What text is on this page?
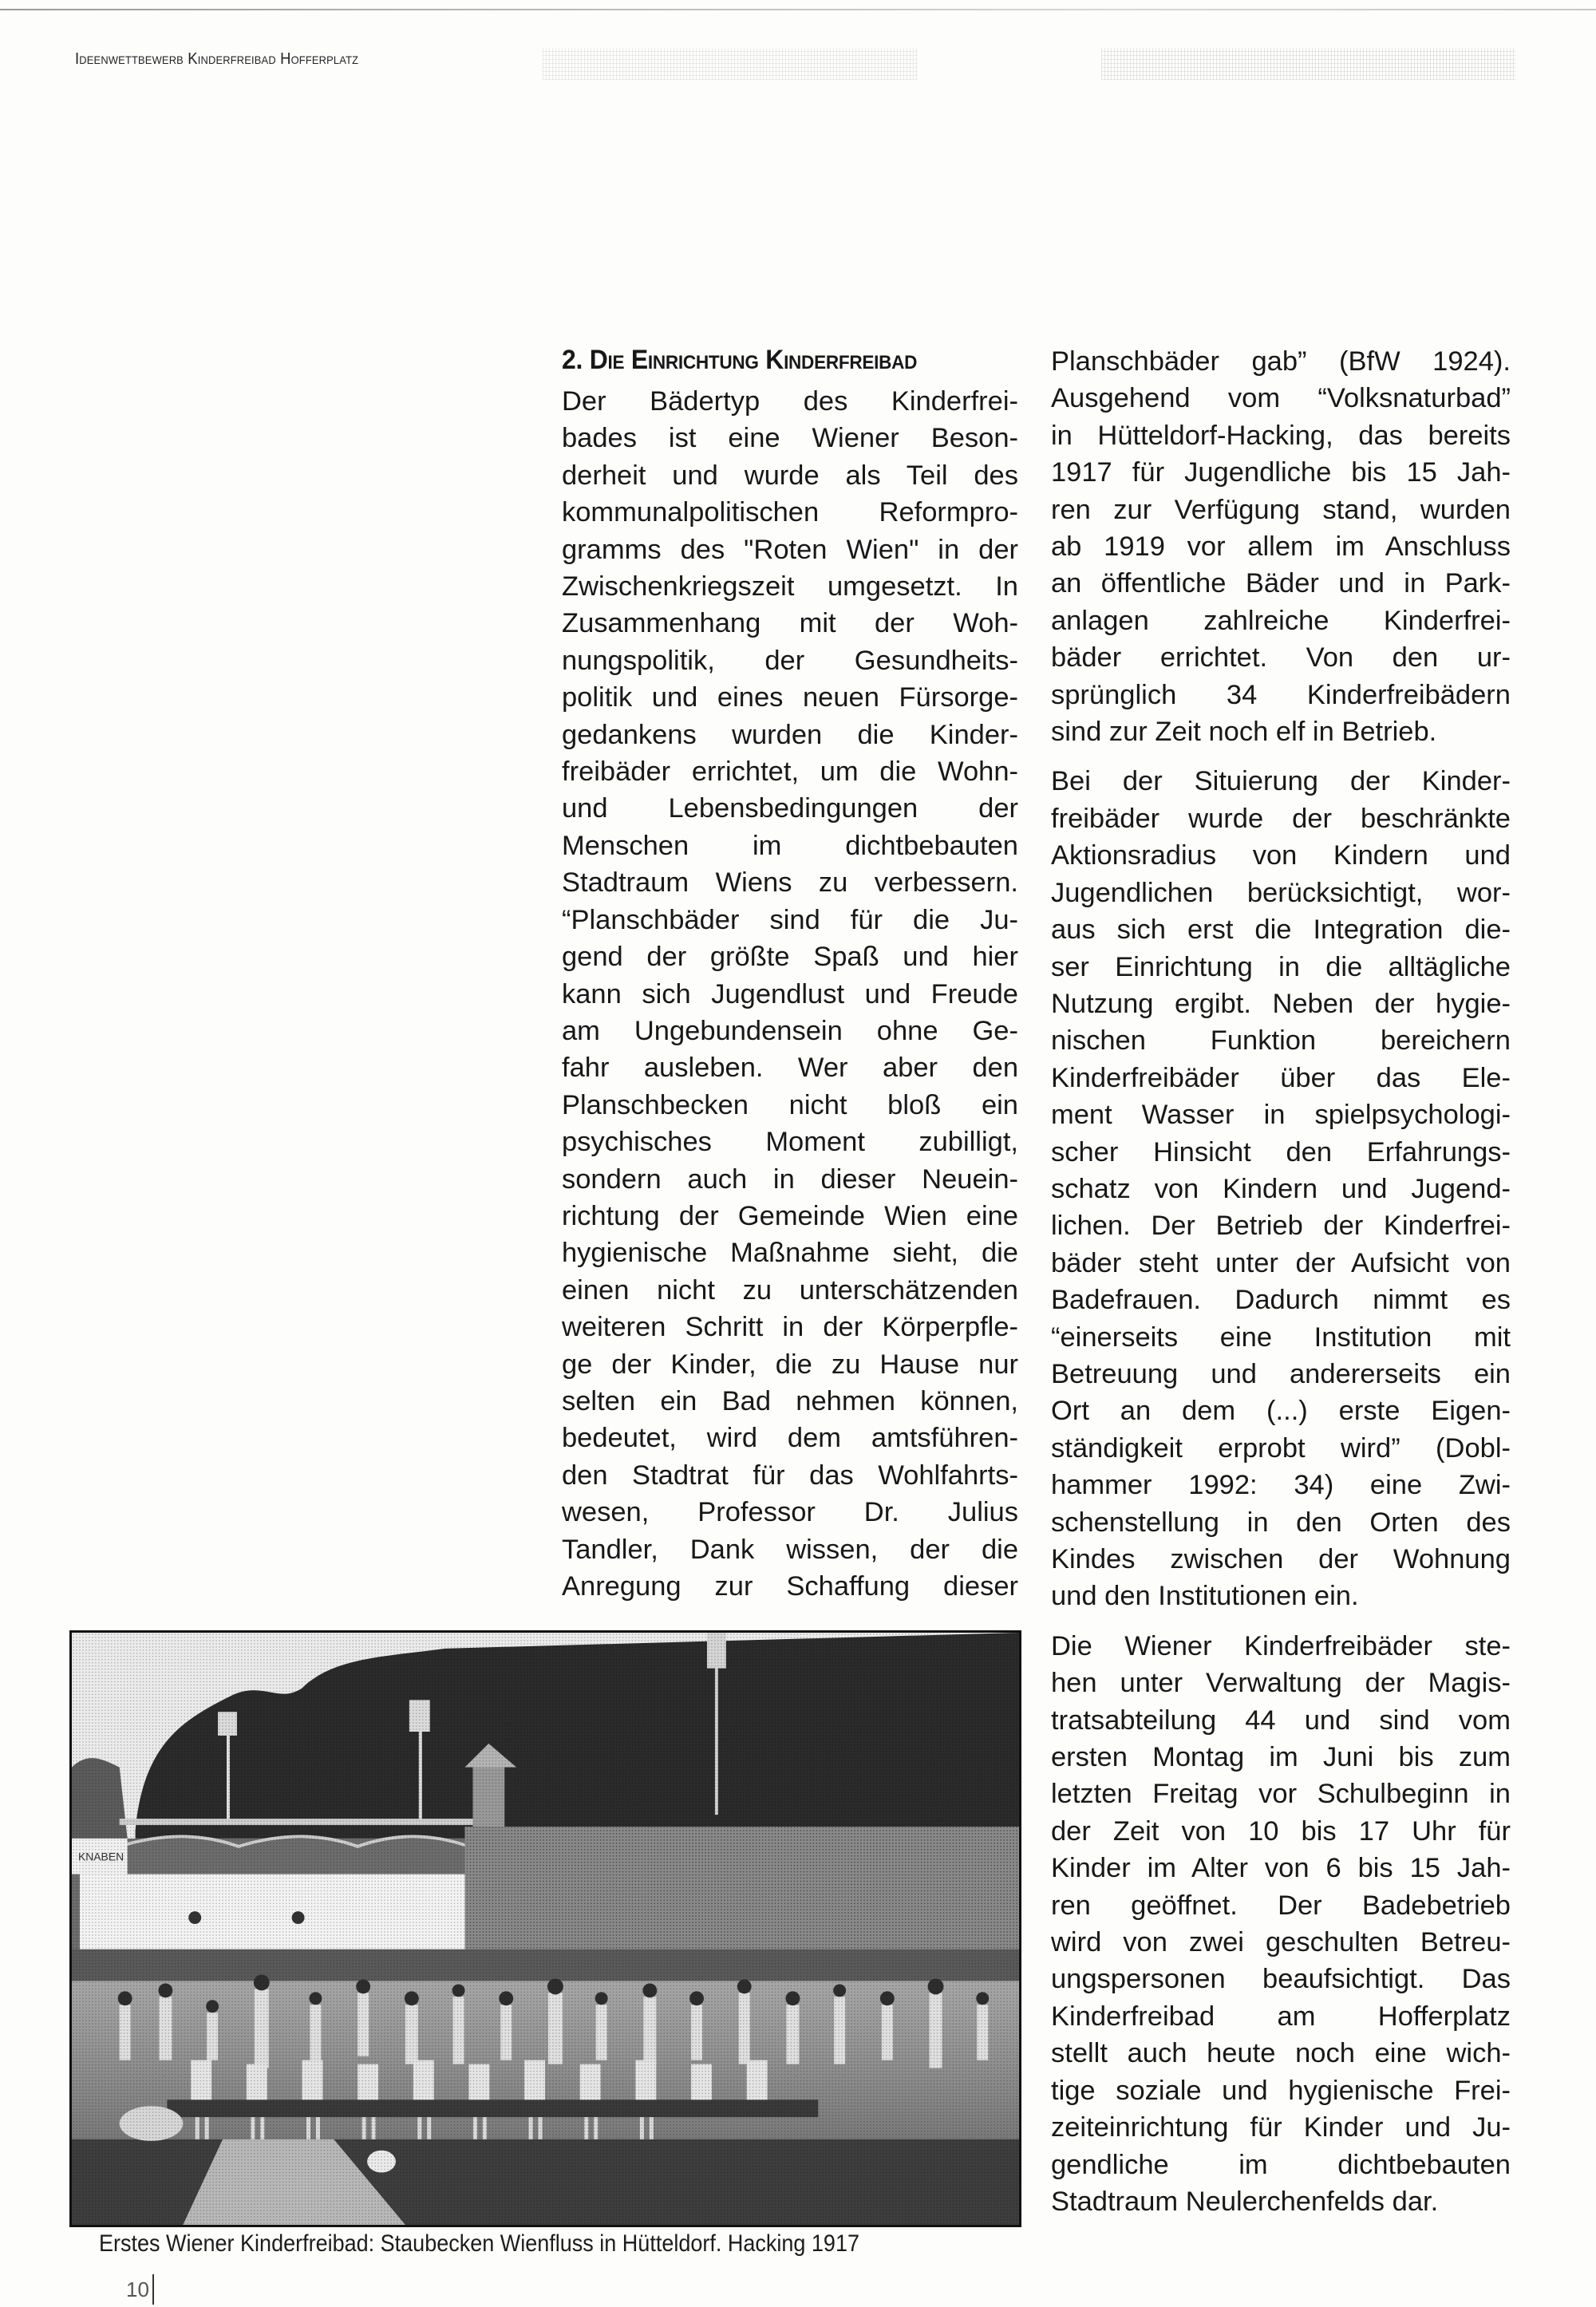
Ideenwettbewerb Kinderfreibad Hofferplatz
2. Die Einrichtung Kinderfreibad

Der Bädertyp des Kinderfrei-
bades ist eine Wiener Beson-
derheit und wurde als Teil des
kommunalpolitischen Reformpro-
gramms des "Roten Wien" in der
Zwischenkriegszeit umgesetzt. In
Zusammenhang mit der Woh-
nungspolitik, der Gesundheits-
politik und eines neuen Fürsorge-
gedankens wurden die Kinder-
freibäder errichtet, um die Wohn-
und Lebensbedingungen der
Menschen im dichtbebauten
Stadtraum Wiens zu verbessern.
“Planschbäder sind für die Ju-
gend der größte Spaß und hier
kann sich Jugendlust und Freude
am Ungebundensein ohne Ge-
fahr ausleben. Wer aber den
Planschbecken nicht bloß ein
psychisches Moment zubilligt,
sondern auch in dieser Neuein-
richtung der Gemeinde Wien eine
hygienische Maßnahme sieht, die
einen nicht zu unterschätzenden
weiteren Schritt in der Körperpfle-
ge der Kinder, die zu Hause nur
selten ein Bad nehmen können,
bedeutet, wird dem amtsführen-
den Stadtrat für das Wohlfahrts-
wesen, Professor Dr. Julius
Tandler, Dank wissen, der die
Anregung zur Schaffung dieser

Planschbäder gab” (BfW 1924).
Ausgehend vom “Volksnaturbad”
in Hütteldorf-Hacking, das bereits
1917 für Jugendliche bis 15 Jah-
ren zur Verfügung stand, wurden
ab 1919 vor allem im Anschluss
an öffentliche Bäder und in Park-
anlagen zahlreiche Kinderfrei-
bäder errichtet. Von den ur-
sprünglich 34 Kinderfreibädern
sind zur Zeit noch elf in Betrieb.

Bei der Situierung der Kinder-
freibäder wurde der beschränkte
Aktionsradius von Kindern und
Jugendlichen berücksichtigt, wor-
aus sich erst die Integration die-
ser Einrichtung in die alltägliche
Nutzung ergibt. Neben der hygie-
nischen Funktion bereichern
Kinderfreibäder über das Ele-
ment Wasser in spielpsychologi-
scher Hinsicht den Erfahrungs-
schatz von Kindern und Jugend-
lichen. Der Betrieb der Kinderfrei-
bäder steht unter der Aufsicht von
Badefrauen. Dadurch nimmt es
“einerseits eine Institution mit
Betreuung und andererseits ein
Ort an dem (...) erste Eigen-
ständigkeit erprobt wird” (Dobl-
hammer 1992: 34) eine Zwi-
schenstellung in den Orten des
Kindes zwischen der Wohnung
und den Institutionen ein.

Die Wiener Kinderfreibäder ste-
hen unter Verwaltung der Magis-
tratsabteilung 44 und sind vom
ersten Montag im Juni bis zum
letzten Freitag vor Schulbeginn in
der Zeit von 10 bis 17 Uhr für
Kinder im Alter von 6 bis 15 Jah-
ren geöffnet. Der Badebetrieb
wird von zwei geschulten Betreu-
ungspersonen beaufsichtigt. Das
Kinderfreibad am Hofferplatz
stellt auch heute noch eine wich-
tige soziale und hygienische Frei-
zeiteinrichtung für Kinder und Ju-
gendliche im dichtbebauten
Stadtraum Neulerchenfelds dar.

Erstes Wiener Kinderfreibad: Staubecken Wienfluss in Hütteldorf. Hacking 1917
10
